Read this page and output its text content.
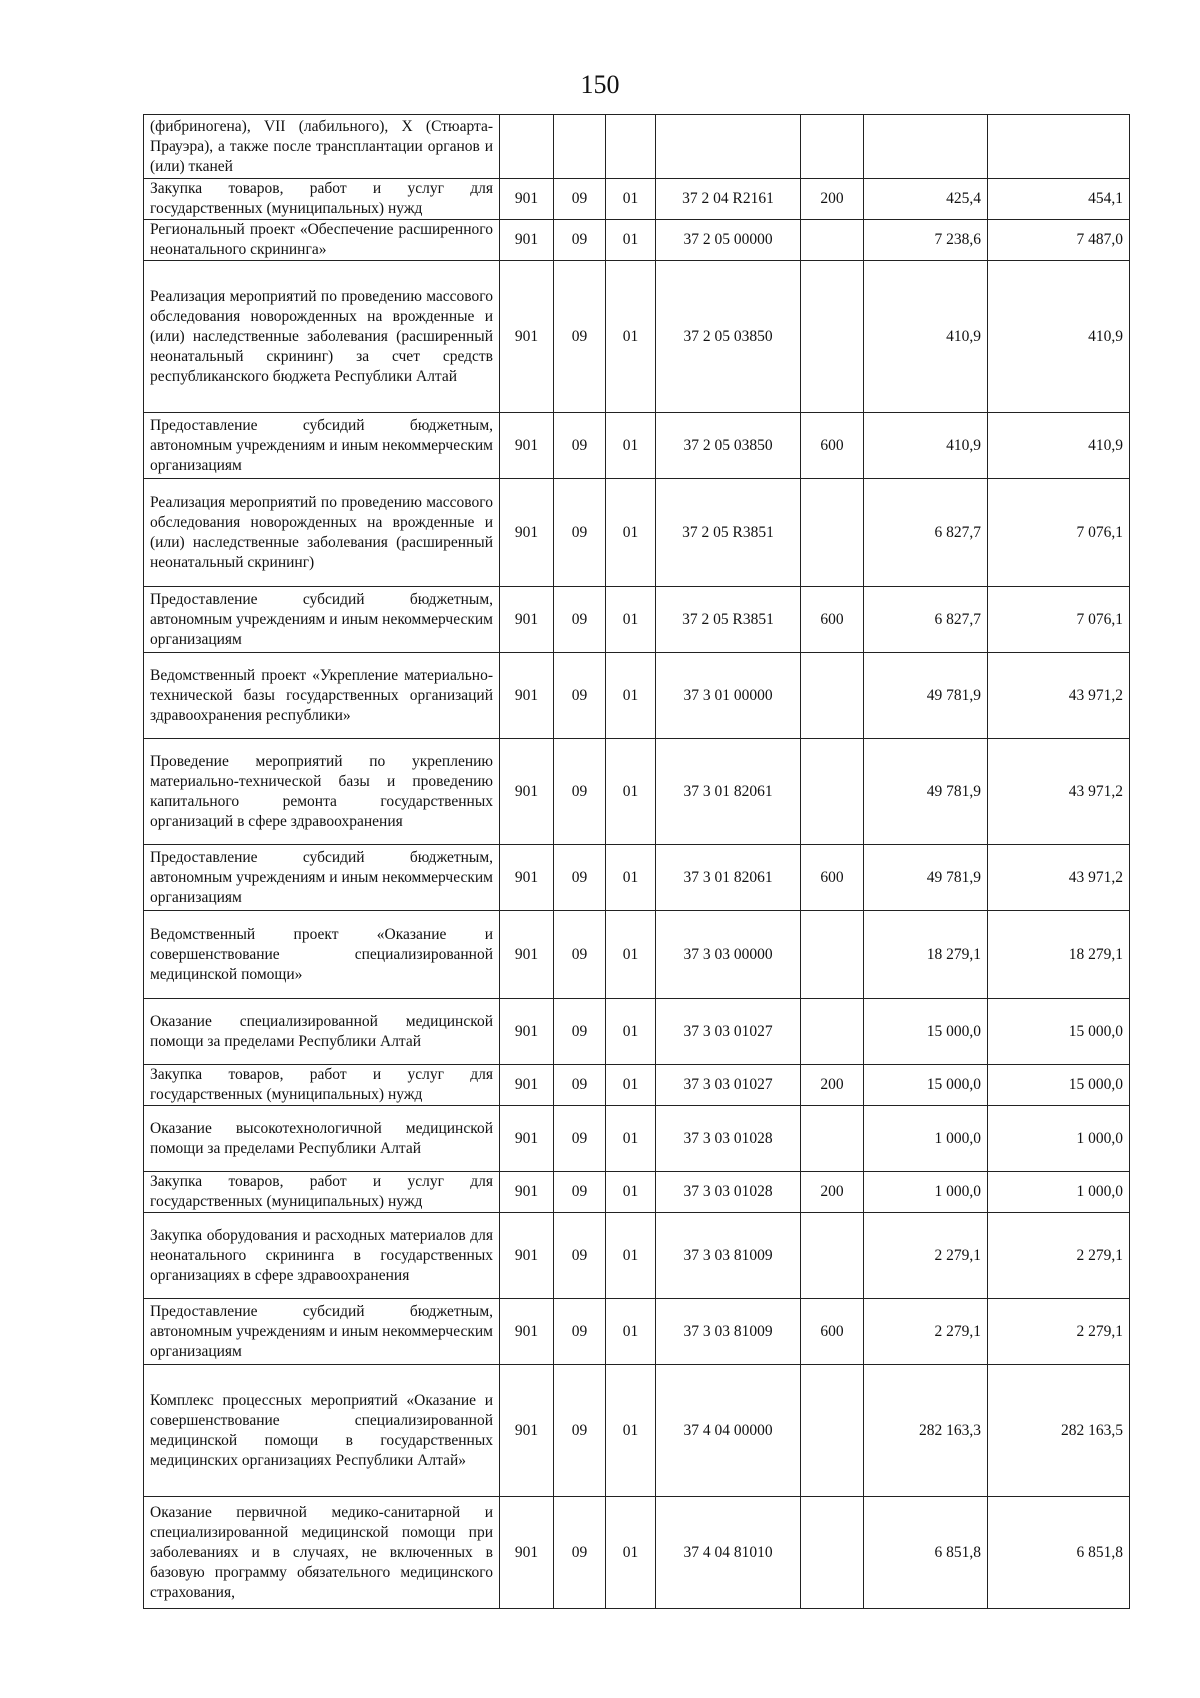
150
(фибриногена), VII (лабильного), X (Стюарта-Прауэра), а также после трансплантации органов и (или) тканей							
Закупка товаров, работ и услуг для государственных (муниципальных) нужд	901	09	01	37 2 04 R2161	200	425,4	454,1
Региональный проект «Обеспечение расширенного неонатального скрининга»	901	09	01	37 2 05 00000		7 238,6	7 487,0
Реализация мероприятий по проведению массового обследования новорожденных на врожденные и (или) наследственные заболевания (расширенный неонатальный скрининг) за счет средств республиканского бюджета Республики Алтай	901	09	01	37 2 05 03850		410,9	410,9
Предоставление субсидий бюджетным, автономным учреждениям и иным некоммерческим организациям	901	09	01	37 2 05 03850	600	410,9	410,9
Реализация мероприятий по проведению массового обследования новорожденных на врожденные и (или) наследственные заболевания (расширенный неонатальный скрининг)	901	09	01	37 2 05 R3851		6 827,7	7 076,1
Предоставление субсидий бюджетным, автономным учреждениям и иным некоммерческим организациям	901	09	01	37 2 05 R3851	600	6 827,7	7 076,1
Ведомственный проект «Укрепление материально-технической базы государственных организаций здравоохранения республики»	901	09	01	37 3 01 00000		49 781,9	43 971,2
Проведение мероприятий по укреплению материально-технической базы и проведению капитального ремонта государственных организаций в сфере здравоохранения	901	09	01	37 3 01 82061		49 781,9	43 971,2
Предоставление субсидий бюджетным, автономным учреждениям и иным некоммерческим организациям	901	09	01	37 3 01 82061	600	49 781,9	43 971,2
Ведомственный проект «Оказание и совершенствование специализированной медицинской помощи»	901	09	01	37 3 03 00000		18 279,1	18 279,1
Оказание специализированной медицинской помощи за пределами Республики Алтай	901	09	01	37 3 03 01027		15 000,0	15 000,0
Закупка товаров, работ и услуг для государственных (муниципальных) нужд	901	09	01	37 3 03 01027	200	15 000,0	15 000,0
Оказание высокотехнологичной медицинской помощи за пределами Республики Алтай	901	09	01	37 3 03 01028		1 000,0	1 000,0
Закупка товаров, работ и услуг для государственных (муниципальных) нужд	901	09	01	37 3 03 01028	200	1 000,0	1 000,0
Закупка оборудования и расходных материалов для неонатального скрининга в государственных организациях в сфере здравоохранения	901	09	01	37 3 03 81009		2 279,1	2 279,1
Предоставление субсидий бюджетным, автономным учреждениям и иным некоммерческим организациям	901	09	01	37 3 03 81009	600	2 279,1	2 279,1
Комплекс процессных мероприятий «Оказание и совершенствование специализированной медицинской помощи в государственных медицинских организациях Республики Алтай»	901	09	01	37 4 04 00000		282 163,3	282 163,5
Оказание первичной медико-санитарной и специализированной медицинской помощи при заболеваниях и в случаях, не включенных в базовую программу обязательного медицинского страхования,	901	09	01	37 4 04 81010		6 851,8	6 851,8
